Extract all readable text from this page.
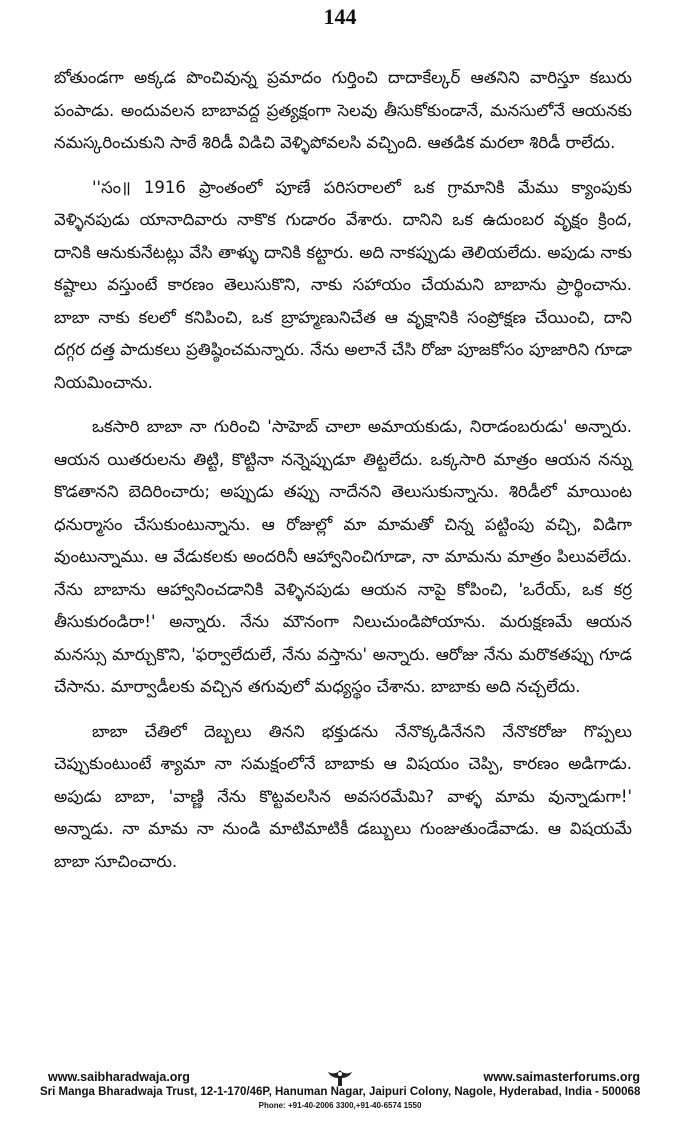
144

బోతుండగా అక్కడ పొంచివున్న ప్రమాదం గుర్తించి దాదాకేల్కర్ ఆతనిని వారిస్తూ కబురు పంపాడు. అందువలన బాబావద్ద ప్రత్యక్షంగా సెలవు తీసుకోకుండానే, మనసులోనే ఆయనకు నమస్కరించుకుని సాఠే శిరిడీ విడిచి వెళ్ళిపోవలసి వచ్చింది. ఆతడిక మరలా శిరిడీ రాలేదు.

''సం॥ 1916 ప్రాంతంలో పూణే పరిసరాలలో ఒక గ్రామానికి మేము క్యాంపుకు వెళ్ళినపుడు యానాదివారు నాకొక గుడారం వేశారు. దానిని ఒక ఉదుంబర వృక్షం క్రింద, దానికి ఆనుకునేటట్లు వేసి తాళ్ళు దానికి కట్టారు. అది నాకప్పుడు తెలియలేదు. అపుడు నాకు కష్టాలు వస్తుంటే కారణం తెలుసుకొని, నాకు సహాయం చేయమని బాబాను ప్రార్థించాను. బాబా నాకు కలలో కనిపించి, ఒక బ్రాహ్మణునిచేత ఆ వృక్షానికి సంప్రోక్షణ చేయించి, దాని దగ్గర దత్త పాదుకలు ప్రతిష్ఠించమన్నారు. నేను అలానే చేసి రోజా పూజకోసం పూజారిని గూడా నియమించాను.

ఒకసారి బాబా నా గురించి 'సాహెబ్ చాలా అమాయకుడు, నిరాడంబరుడు' అన్నారు. ఆయన యితరులను తిట్టి, కొట్టినా నన్నెప్పుడూ తిట్టలేదు. ఒక్కసారి మాత్రం ఆయన నన్ను కొడతానని బెదిరించారు; అప్పుడు తప్పు నాదేనని తెలుసుకున్నాను. శిరిడీలో మాయింట ధనుర్మాసం చేసుకుంటున్నాను. ఆ రోజుల్లో మా మామతో చిన్న పట్టింపు వచ్చి, విడిగా వుంటున్నాము. ఆ వేడుకలకు అందరినీ ఆహ్వానించిగూడా, నా మామను మాత్రం పిలువలేదు. నేను బాబాను ఆహ్వానించడానికి వెళ్ళినపుడు ఆయన నాపై కోపించి, 'ఒరేయ్, ఒక కర్ర తీసుకురండిరా!' అన్నారు. నేను మౌనంగా నిలుచుండిపోయాను. మరుక్షణమే ఆయన మనస్సు మార్చుకొని, 'ఫర్వాలేదులే, నేను వస్తాను' అన్నారు. ఆరోజు నేను మరొకతప్పు గూడ చేసాను. మార్వాడీలకు వచ్చిన తగువులో మధ్యస్థం చేశాను. బాబాకు అది నచ్చలేదు.

బాబా చేతిలో దెబ్బలు తినని భక్తుడను నేనొక్కడినేనని నేనొకరోజు గొప్పలు చెప్పుకుంటుంటే శ్యామా నా సమక్షంలోనే బాబాకు ఆ విషయం చెప్పి, కారణం అడిగాడు. అపుడు బాబా, 'వాణ్ణి నేను కొట్టవలసిన అవసరమేమి? వాళ్ళ మామ వున్నాడుగా!' అన్నాడు. నా మామ నా నుండి మాటిమాటికీ డబ్బులు గుంజుతుండేవాడు. ఆ విషయమే బాబా సూచించారు.

www.saibharadwaja.org	www.saimasterforums.org
Sri Manga Bharadwaja Trust, 12-1-170/46P, Hanuman Nagar, Jaipuri Colony, Nagole, Hyderabad, India - 500068
Phone: +91-40-2006 3300,+91-40-6574 1550
